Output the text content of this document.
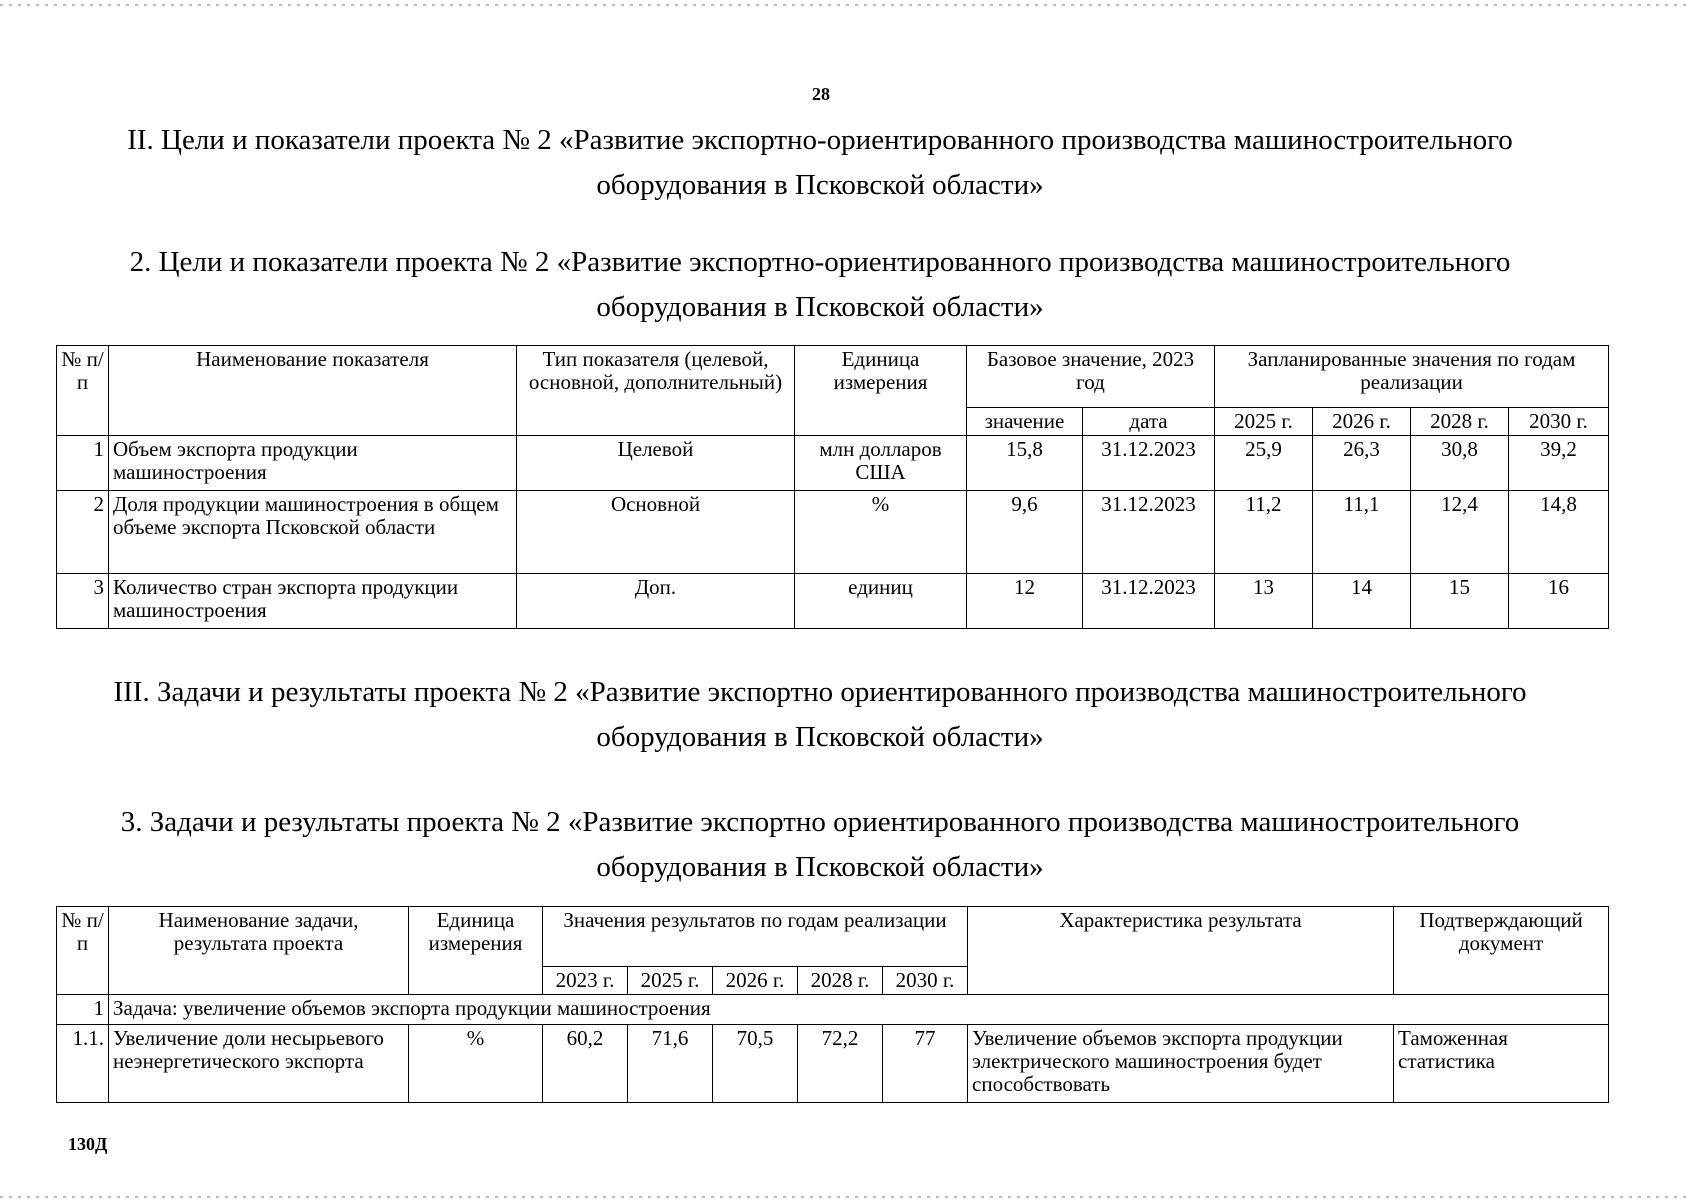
28
II. Цели и показатели проекта № 2 «Развитие экспортно-ориентированного производства машиностроительного оборудования в Псковской области»
2. Цели и показатели проекта № 2 «Развитие экспортно-ориентированного производства машиностроительного оборудования в Псковской области»
№ п/п	Наименование показателя	Тип показателя (целевой, основной, дополнительный)	Единица измерения	Базовое значение, 2023 год		Запланированные значения по годам реализации			
				значение	дата	2025 г.	2026 г.	2028 г.	2030 г.
1	Объем экспорта продукции машиностроения	Целевой	млн долларов США	15,8	31.12.2023	25,9	26,3	30,8	39,2
2	Доля продукции машиностроения в общем объеме экспорта Псковской области	Основной	%	9,6	31.12.2023	11,2	11,1	12,4	14,8
3	Количество стран экспорта продукции машиностроения	Доп.	единиц	12	31.12.2023	13	14	15	16
III. Задачи и результаты проекта № 2 «Развитие экспортно ориентированного производства машиностроительного оборудования в Псковской области»
3. Задачи и результаты проекта № 2 «Развитие экспортно ориентированного производства машиностроительного оборудования в Псковской области»
№ п/п	Наименование задачи, результата проекта	Единица измерения	Значения результатов по годам реализации					Характеристика результата	Подтверждающий документ
			2023 г.	2025 г.	2026 г.	2028 г.	2030 г.		
1	Задача: увеличение объемов экспорта продукции машиностроения								
1.1.	Увеличение доли несырьевого неэнергетического экспорта	%	60,2	71,6	70,5	72,2	77	Увеличение объемов экспорта продукции электрического машиностроения будет способствовать	Таможенная статистика
130Д
